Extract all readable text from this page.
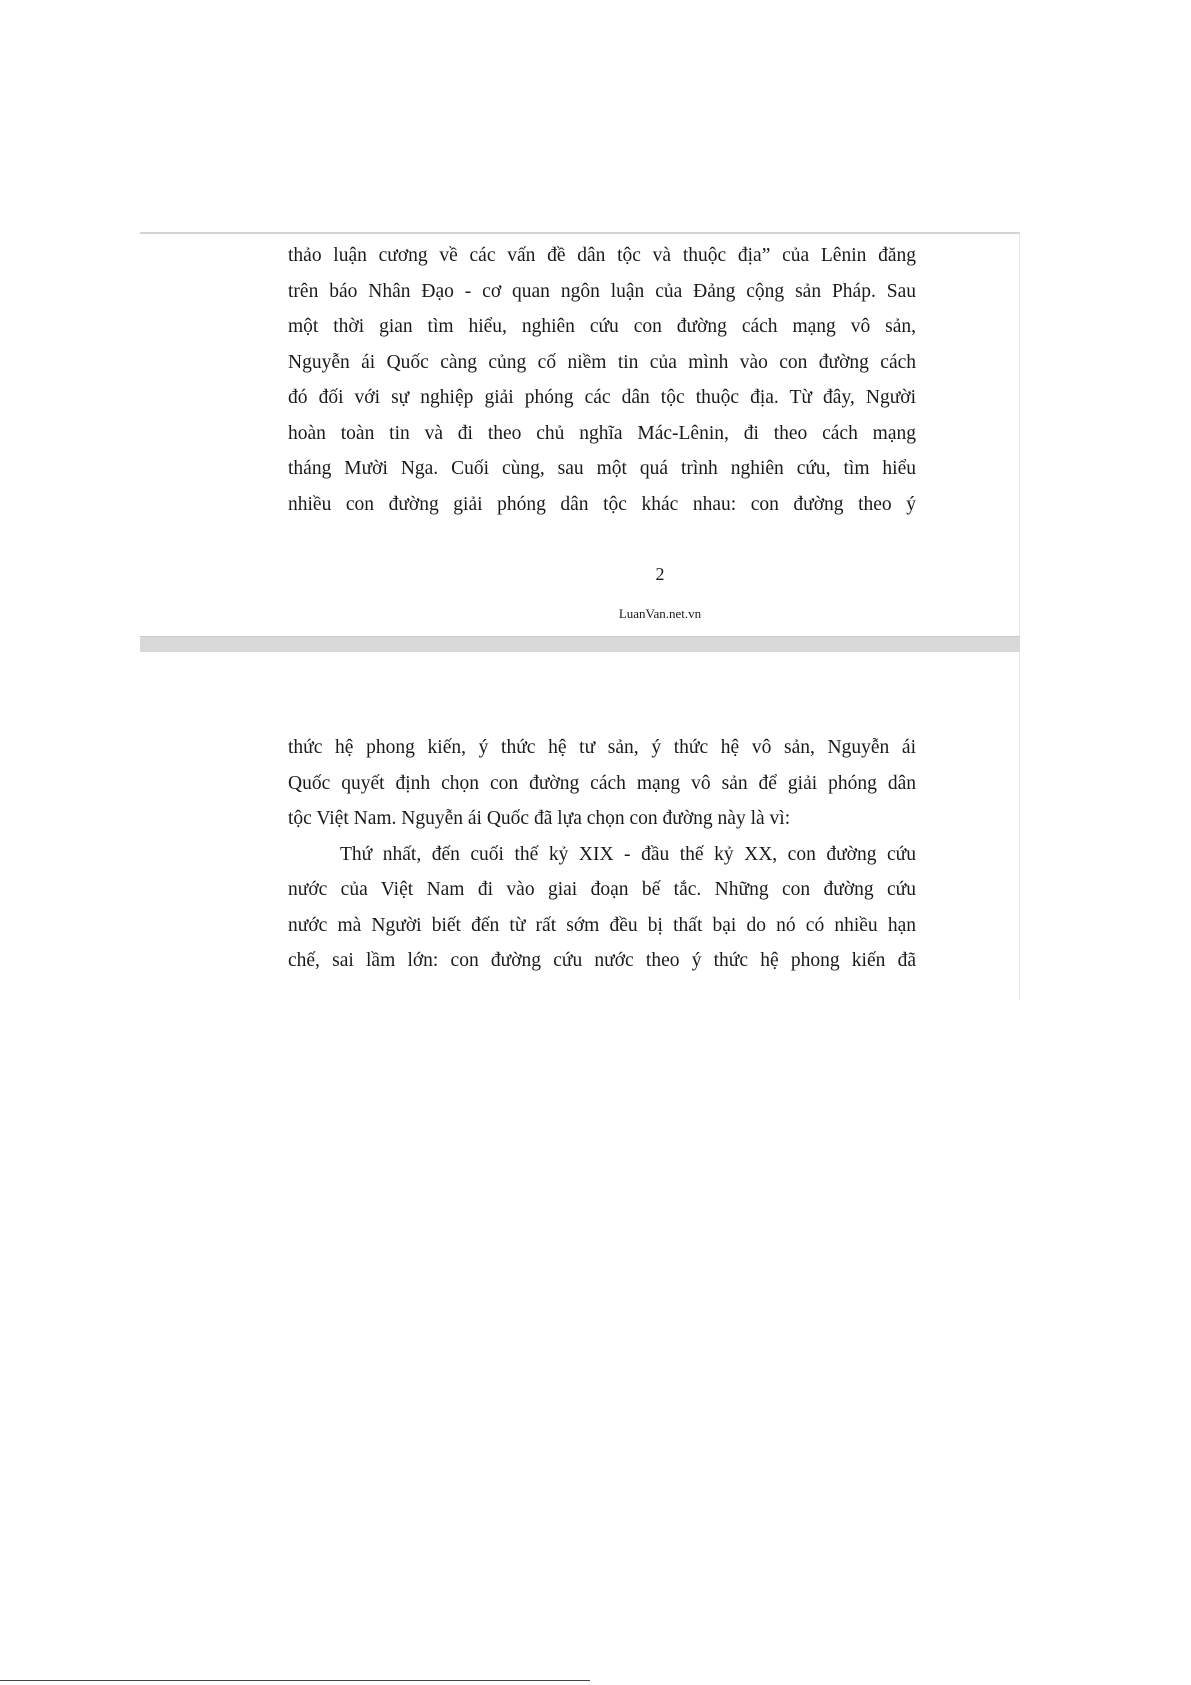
thảo luận cương về các vấn đề dân tộc và thuộc địa” của Lênin đăng
trên báo Nhân Đạo - cơ quan ngôn luận của Đảng cộng sản Pháp. Sau
một thời gian tìm hiểu, nghiên cứu con đường cách mạng vô sản,
Nguyễn ái Quốc càng củng cố niềm tin của mình vào con đường cách
đó đối với sự nghiệp giải phóng các dân tộc thuộc địa. Từ đây, Người
hoàn toàn tin và đi theo chủ nghĩa Mác-Lênin, đi theo cách mạng
tháng Mười Nga. Cuối cùng, sau một quá trình nghiên cứu, tìm hiểu
nhiều con đường giải phóng dân tộc khác nhau: con đường theo ý
2
LuanVan.net.vn
thức hệ phong kiến, ý thức hệ tư sản, ý thức hệ vô sản, Nguyễn ái
Quốc quyết định chọn con đường cách mạng vô sản để giải phóng dân
tộc Việt Nam. Nguyễn ái Quốc đã lựa chọn con đường này là vì:
Thứ nhất, đến cuối thế kỷ XIX - đầu thế kỷ XX, con đường cứu
nước của Việt Nam đi vào giai đoạn bế tắc. Những con đường cứu
nước mà Người biết đến từ rất sớm đều bị thất bại do nó có nhiều hạn
chế, sai lầm lớn: con đường cứu nước theo ý thức hệ phong kiến đã
